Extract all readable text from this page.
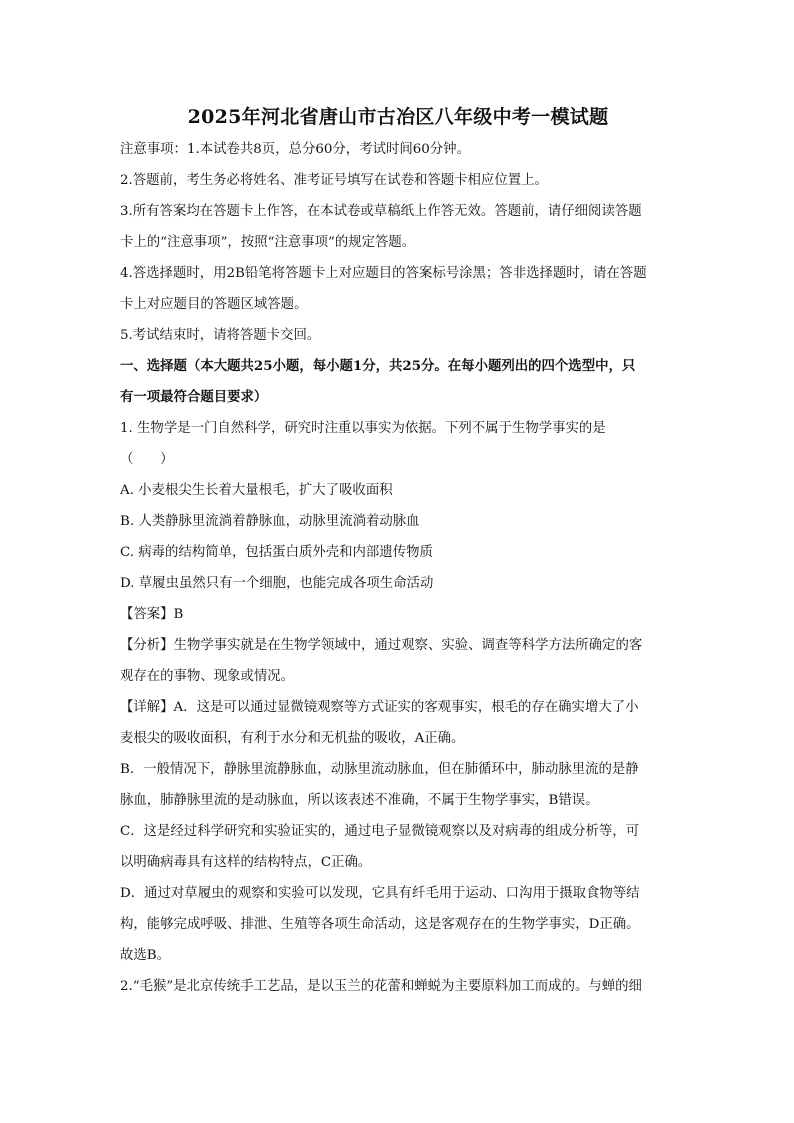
2025年河北省唐山市古冶区八年级中考一模试题
注意事项：1.本试卷共8页，总分60分，考试时间60分钟。
2.答题前，考生务必将姓名、准考证号填写在试卷和答题卡相应位置上。
3.所有答案均在答题卡上作答，在本试卷或草稿纸上作答无效。答题前，请仔细阅读答题
卡上的“注意事项”，按照“注意事项”的规定答题。
4.答选择题时，用2B铅笔将答题卡上对应题目的答案标号涂黑；答非选择题时，请在答题
卡上对应题目的答题区域答题。
5.考试结束时，请将答题卡交回。
一、选择题（本大题共25小题，每小题1分，共25分。在每小题列出的四个选型中，只
有一项最符合题目要求）
1. 生物学是一门自然科学，研究时注重以事实为依据。下列不属于生物学事实的是
（　　）
A. 小麦根尖生长着大量根毛，扩大了吸收面积
B. 人类静脉里流淌着静脉血，动脉里流淌着动脉血
C. 病毒的结构简单，包括蛋白质外壳和内部遗传物质
D. 草履虫虽然只有一个细胞，也能完成各项生命活动
【答案】B
【分析】生物学事实就是在生物学领域中，通过观察、实验、调查等科学方法所确定的客
观存在的事物、现象或情况。
【详解】A．这是可以通过显微镜观察等方式证实的客观事实，根毛的存在确实增大了小
麦根尖的吸收面积，有利于水分和无机盐的吸收，A正确。
B．一般情况下，静脉里流静脉血，动脉里流动脉血，但在肺循环中，肺动脉里流的是静
脉血，肺静脉里流的是动脉血，所以该表述不准确，不属于生物学事实，B错误。
C．这是经过科学研究和实验证实的，通过电子显微镜观察以及对病毒的组成分析等，可
以明确病毒具有这样的结构特点，C正确。
D．通过对草履虫的观察和实验可以发现，它具有纤毛用于运动、口沟用于摄取食物等结
构，能够完成呼吸、排泄、生殖等各项生命活动，这是客观存在的生物学事实，D正确。
故选B。
2.“毛猴”是北京传统手工艺品，是以玉兰的花蕾和蝉蜕为主要原料加工而成的。与蝉的细
